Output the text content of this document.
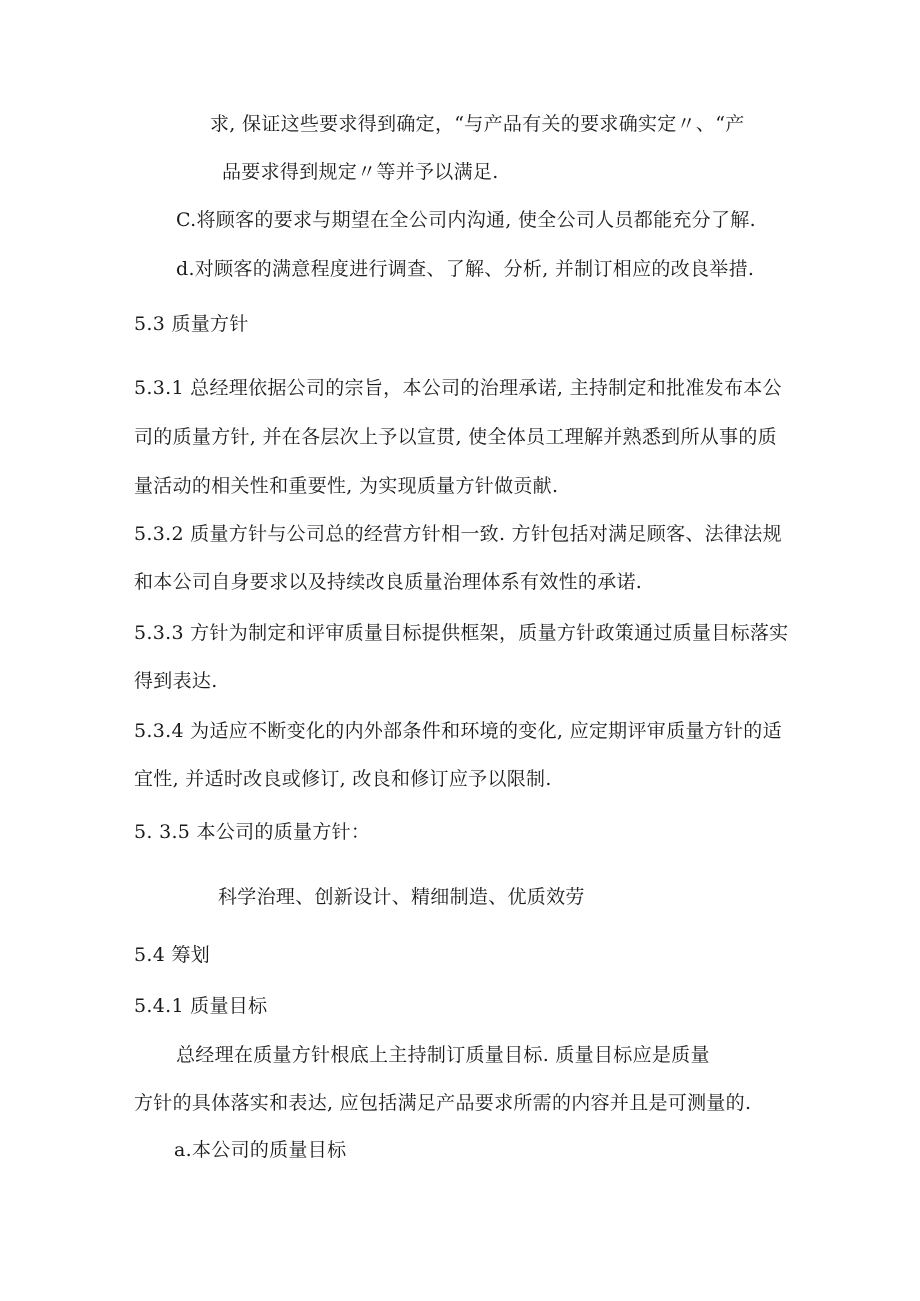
求, 保证这些要求得到确定，“与产品有关的要求确实定〃、“产
品要求得到规定〃等并予以满足.
C.将顾客的要求与期望在全公司内沟通, 使全公司人员都能充分了解.
d.对顾客的满意程度进行调查、了解、分析, 并制订相应的改良举措.
5.3 质量方针
5.3.1 总经理依据公司的宗旨，本公司的治理承诺, 主持制定和批准发布本公
司的质量方针, 并在各层次上予以宣贯, 使全体员工理解并熟悉到所从事的质
量活动的相关性和重要性, 为实现质量方针做贡献.
5.3.2 质量方针与公司总的经营方针相一致. 方针包括对满足顾客、法律法规
和本公司自身要求以及持续改良质量治理体系有效性的承诺.
5.3.3 方针为制定和评审质量目标提供框架，质量方针政策通过质量目标落实
得到表达.
5.3.4 为适应不断变化的内外部条件和环境的变化, 应定期评审质量方针的适
宜性, 并适时改良或修订, 改良和修订应予以限制.
5. 3.5 本公司的质量方针：
科学治理、创新设计、精细制造、优质效劳
5.4 筹划
5.4.1 质量目标
总经理在质量方针根底上主持制订质量目标. 质量目标应是质量
方针的具体落实和表达, 应包括满足产品要求所需的内容并且是可测量的.
a.本公司的质量目标
